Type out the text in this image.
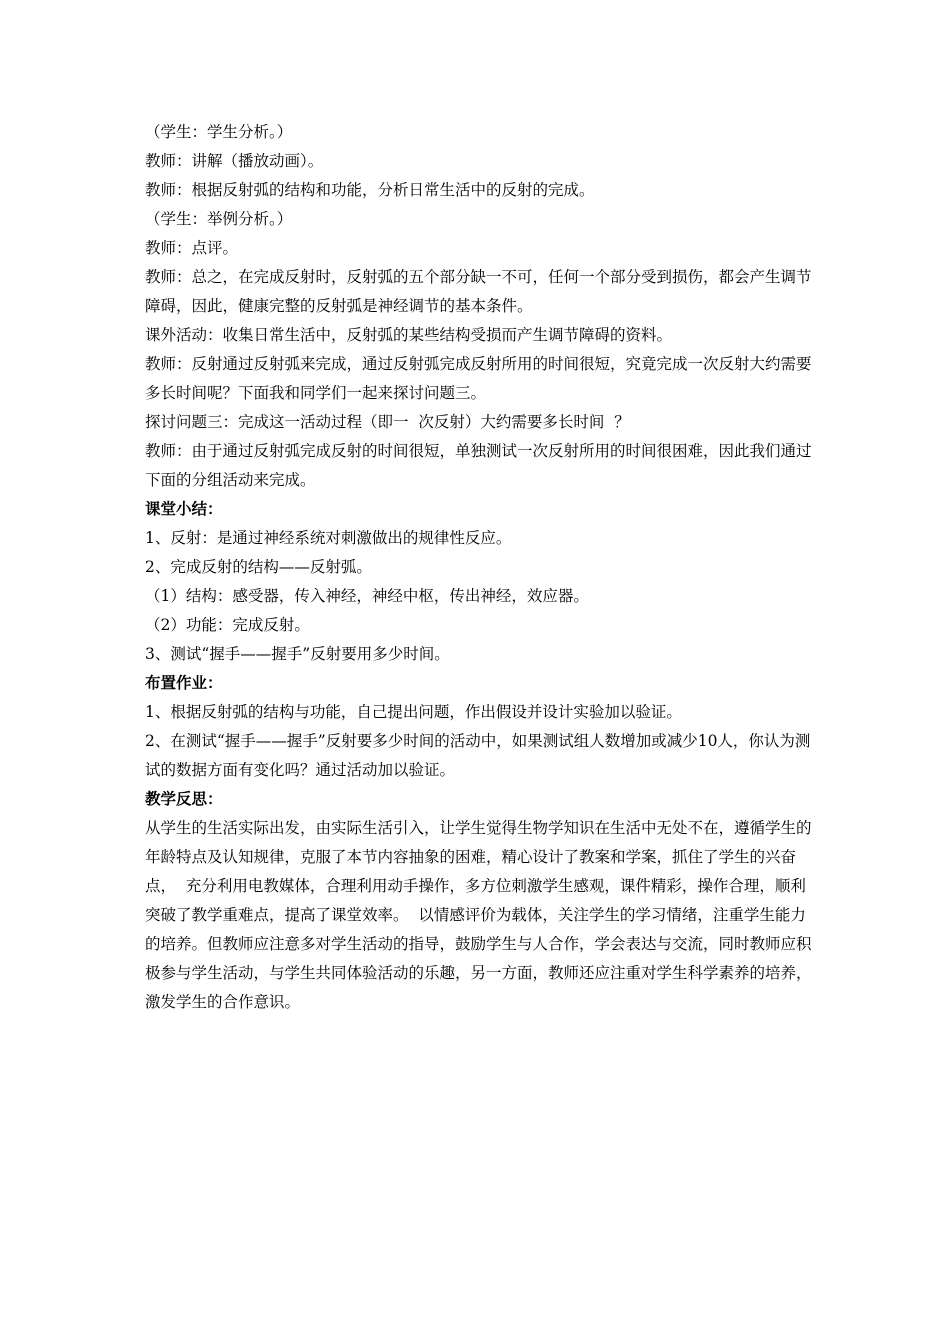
（学生：学生分析。）

教师：讲解（播放动画）。

教师：根据反射弧的结构和功能，分析日常生活中的反射的完成。

（学生：举例分析。）

教师：点评。

教师：总之，在完成反射时，反射弧的五个部分缺一不可，任何一个部分受到损伤，都会产生调节障碍，因此，健康完整的反射弧是神经调节的基本条件。

课外活动：收集日常生活中，反射弧的某些结构受损而产生调节障碍的资料。

教师：反射通过反射弧来完成，通过反射弧完成反射所用的时间很短，究竟完成一次反射大约需要多长时间呢？下面我和同学们一起来探讨问题三。

探讨问题三：完成这一活动过程（即一  次反射）大约需要多长时间  ？

教师：由于通过反射弧完成反射的时间很短，单独测试一次反射所用的时间很困难，因此我们通过下面的分组活动来完成。

课堂小结：

1、反射：是通过神经系统对刺激做出的规律性反应。

2、完成反射的结构——反射弧。

（1）结构：感受器，传入神经，神经中枢，传出神经，效应器。

（2）功能：完成反射。

3、测试“握手——握手”反射要用多少时间。

布置作业：

1、根据反射弧的结构与功能，自己提出问题，作出假设并设计实验加以验证。

2、在测试“握手——握手”反射要多少时间的活动中，如果测试组人数增加或减少10人，你认为测试的数据方面有变化吗？通过活动加以验证。

教学反思：

从学生的生活实际出发，由实际生活引入，让学生觉得生物学知识在生活中无处不在，遵循学生的年龄特点及认知规律，克服了本节内容抽象的困难，精心设计了教案和学案，抓住了学生的兴奋点，  充分利用电教媒体，合理利用动手操作，多方位刺激学生感观，课件精彩，操作合理，顺利突破了教学重难点，提高了课堂效率。  以情感评价为载体，关注学生的学习情绪，注重学生能力的培养。但教师应注意多对学生活动的指导，鼓励学生与人合作，学会表达与交流，同时教师应积极参与学生活动，与学生共同体验活动的乐趣，另一方面，教师还应注重对学生科学素养的培养，激发学生的合作意识。
